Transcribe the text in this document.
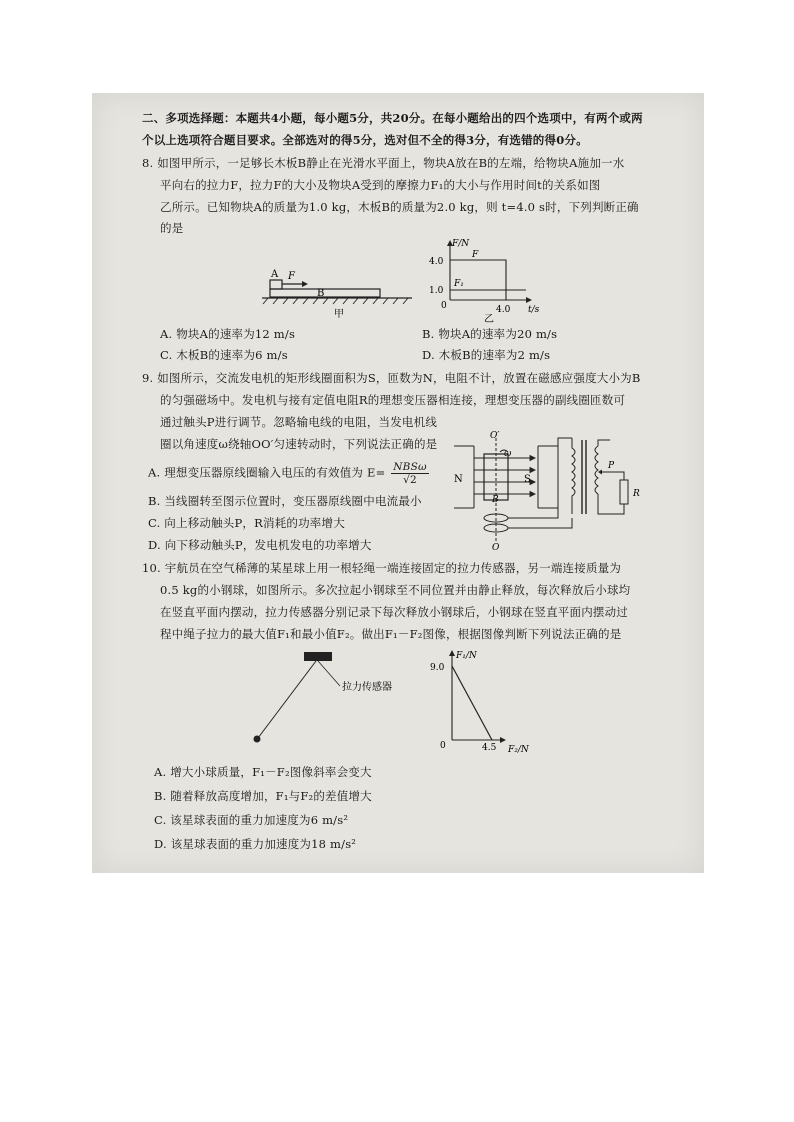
二、多项选择题：本题共4小题，每小题5分，共20分。在每小题给出的四个选项中，有两个或两
个以上选项符合题目要求。全部选对的得5分，选对但不全的得3分，有选错的得0分。
8. 如图甲所示，一足够长木板B静止在光滑水平面上，物块A放在B的左端，给物块A施加一水
平向右的拉力F，拉力F的大小及物块A受到的摩擦力F₁的大小与作用时间t的关系如图
乙所示。已知物块A的质量为1.0 kg，木板B的质量为2.0 kg，则 t=4.0 s时，下列判断正确
的是
A F
B
甲
F/N
t/s
4.0
1.0
4.0
0
F
F₁
乙
A. 物块A的速率为12 m/s	B. 物块A的速率为20 m/s
C. 木板B的速率为6 m/s	D. 木板B的速率为2 m/s
9. 如图所示，交流发电机的矩形线圈面积为S，匝数为N，电阻不计，放置在磁感应强度大小为B
的匀强磁场中。发电机与接有定值电阻R的理想变压器相连接，理想变压器的副线圈匝数可
通过触头P进行调节。忽略输电线的电阻，当发电机线
圈以角速度ω绕轴OO′匀速转动时，下列说法正确的是
A. 理想变压器原线圈输入电压的有效值为 E= NBSω
√2
B. 当线圈转至图示位置时，变压器原线圈中电流最小
C. 向上移动触头P，R消耗的功率增大
D. 向下移动触头P，发电机发电的功率增大
O′
ω
N	S
B
O
P
R
10. 宇航员在空气稀薄的某星球上用一根轻绳一端连接固定的拉力传感器，另一端连接质量为
0.5 kg的小钢球，如图所示。多次拉起小钢球至不同位置并由静止释放，每次释放后小球均
在竖直平面内摆动，拉力传感器分别记录下每次释放小钢球后，小钢球在竖直平面内摆动过
程中绳子拉力的最大值F₁和最小值F₂。做出F₁－F₂图像，根据图像判断下列说法正确的是
拉力传感器
F₁/N
F₂/N
9.0
4.5
0
A. 增大小球质量，F₁－F₂图像斜率会变大
B. 随着释放高度增加，F₁与F₂的差值增大
C. 该星球表面的重力加速度为6 m/s²
D. 该星球表面的重力加速度为18 m/s²
